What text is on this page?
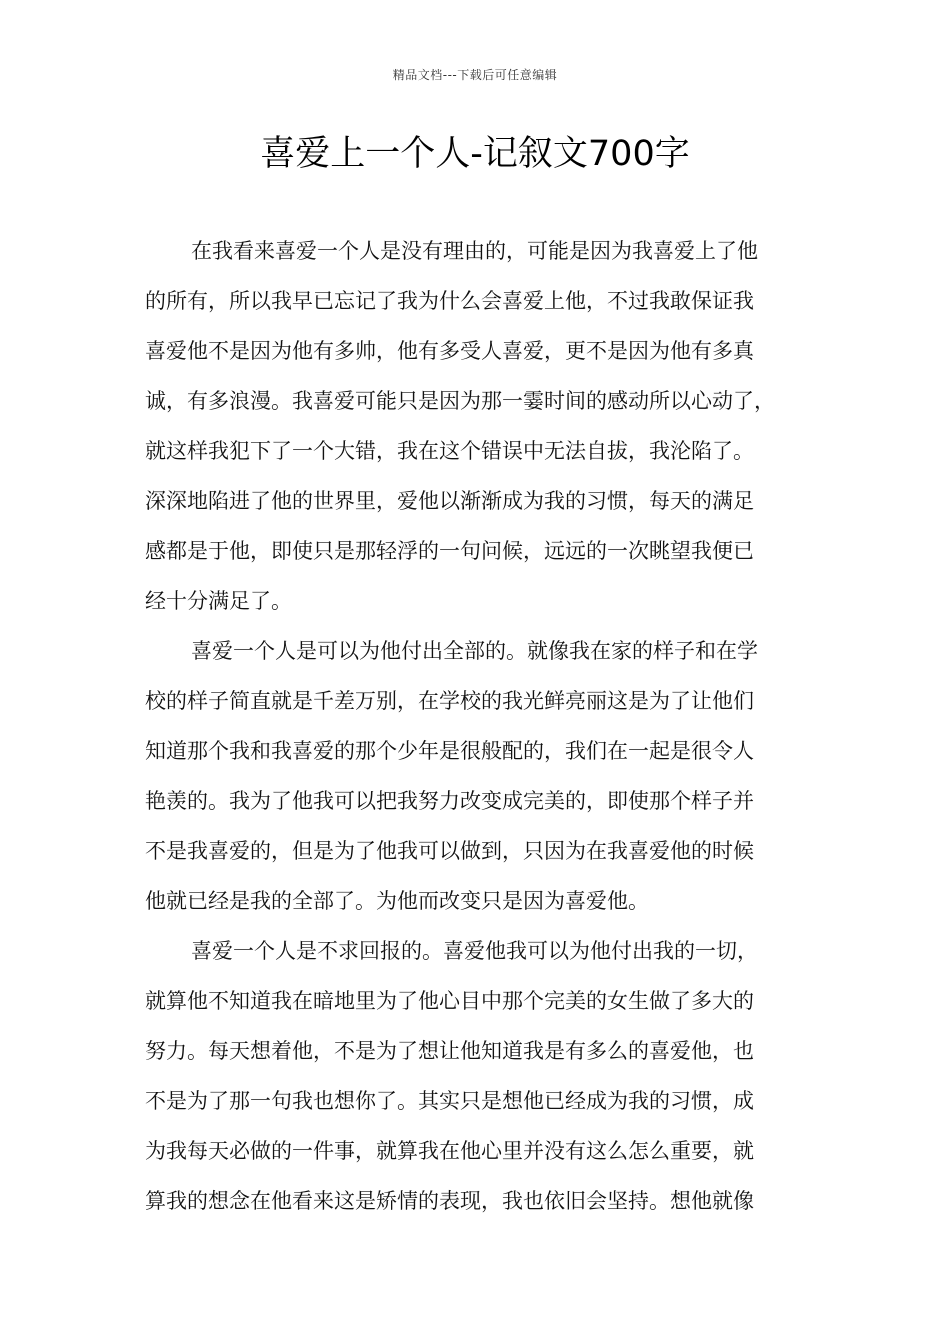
精品文档---下载后可任意编辑
喜爱上一个人-记叙文700字
在我看来喜爱一个人是没有理由的，可能是因为我喜爱上了他
的所有，所以我早已忘记了我为什么会喜爱上他，不过我敢保证我
喜爱他不是因为他有多帅，他有多受人喜爱，更不是因为他有多真
诚，有多浪漫。我喜爱可能只是因为那一霎时间的感动所以心动了，
就这样我犯下了一个大错，我在这个错误中无法自拔，我沦陷了。
深深地陷进了他的世界里，爱他以渐渐成为我的习惯，每天的满足
感都是于他，即使只是那轻浮的一句问候，远远的一次眺望我便已
经十分满足了。
喜爱一个人是可以为他付出全部的。就像我在家的样子和在学
校的样子简直就是千差万别，在学校的我光鲜亮丽这是为了让他们
知道那个我和我喜爱的那个少年是很般配的，我们在一起是很令人
艳羡的。我为了他我可以把我努力改变成完美的，即使那个样子并
不是我喜爱的，但是为了他我可以做到，只因为在我喜爱他的时候
他就已经是我的全部了。为他而改变只是因为喜爱他。
喜爱一个人是不求回报的。喜爱他我可以为他付出我的一切，
就算他不知道我在暗地里为了他心目中那个完美的女生做了多大的
努力。每天想着他，不是为了想让他知道我是有多么的喜爱他，也
不是为了那一句我也想你了。其实只是想他已经成为我的习惯，成
为我每天必做的一件事，就算我在他心里并没有这么怎么重要，就
算我的想念在他看来这是矫情的表现，我也依旧会坚持。想他就像
